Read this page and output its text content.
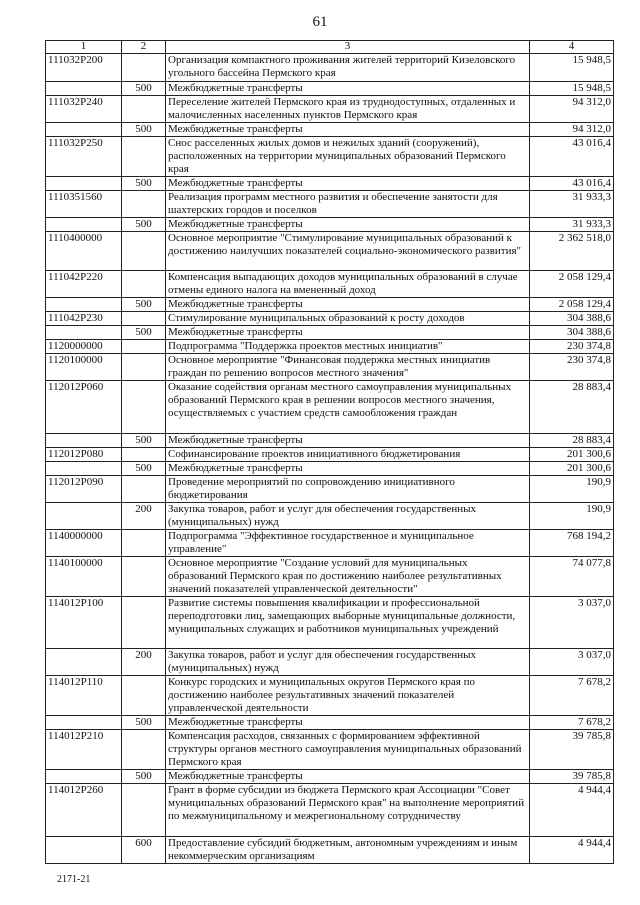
61
1	2	3	4
111032P200		Организация компактного проживания жителей территорий Кизеловского угольного бассейна Пермского края	15 948,5
	500	Межбюджетные трансферты	15 948,5
111032P240		Переселение жителей Пермского края из труднодоступных, отдаленных и малочисленных населенных пунктов Пермского края	94 312,0
	500	Межбюджетные трансферты	94 312,0
111032P250		Снос расселенных жилых домов и нежилых зданий (сооружений), расположенных на территории муниципальных образований Пермского края	43 016,4
	500	Межбюджетные трансферты	43 016,4
1110351560		Реализация программ местного развития и обеспечение занятости для шахтерских городов и поселков	31 933,3
	500	Межбюджетные трансферты	31 933,3
1110400000		Основное мероприятие "Стимулирование муниципальных образований к достижению наилучших показателей социально-экономического развития"	2 362 518,0
111042P220		Компенсация выпадающих доходов муниципальных образований в случае отмены единого налога на вмененный доход	2 058 129,4
	500	Межбюджетные трансферты	2 058 129,4
111042P230		Стимулирование муниципальных образований к росту доходов	304 388,6
	500	Межбюджетные трансферты	304 388,6
1120000000		Подпрограмма "Поддержка проектов местных инициатив"	230 374,8
1120100000		Основное мероприятие "Финансовая поддержка местных инициатив граждан по решению вопросов местного значения"	230 374,8
112012P060		Оказание содействия органам местного самоуправления муниципальных образований Пермского края в решении вопросов местного значения, осуществляемых с участием средств самообложения граждан	28 883,4
	500	Межбюджетные трансферты	28 883,4
112012P080		Софинансирование проектов инициативного бюджетирования	201 300,6
	500	Межбюджетные трансферты	201 300,6
112012P090		Проведение мероприятий по сопровождению инициативного бюджетирования	190,9
	200	Закупка товаров, работ и услуг для обеспечения государственных (муниципальных) нужд	190,9
1140000000		Подпрограмма "Эффективное государственное и муниципальное управление"	768 194,2
1140100000		Основное мероприятие "Создание условий для муниципальных образований Пермского края по достижению наиболее результативных значений показателей управленческой деятельности"	74 077,8
114012P100		Развитие системы повышения квалификации и профессиональной переподготовки лиц, замещающих выборные муниципальные должности, муниципальных служащих и работников муниципальных учреждений	3 037,0
	200	Закупка товаров, работ и услуг для обеспечения государственных (муниципальных) нужд	3 037,0
114012P110		Конкурс городских и муниципальных округов Пермского края по достижению наиболее результативных значений показателей управленческой деятельности	7 678,2
	500	Межбюджетные трансферты	7 678,2
114012P210		Компенсация расходов, связанных с формированием эффективной структуры органов местного самоуправления муниципальных образований Пермского края	39 785,8
	500	Межбюджетные трансферты	39 785,8
114012P260		Грант в форме субсидии из бюджета Пермского края Ассоциации "Совет муниципальных образований Пермского края" на выполнение мероприятий по межмуниципальному и межрегиональному сотрудничеству	4 944,4
	600	Предоставление субсидий бюджетным, автономным учреждениям и иным некоммерческим организациям	4 944,4
2171-21
